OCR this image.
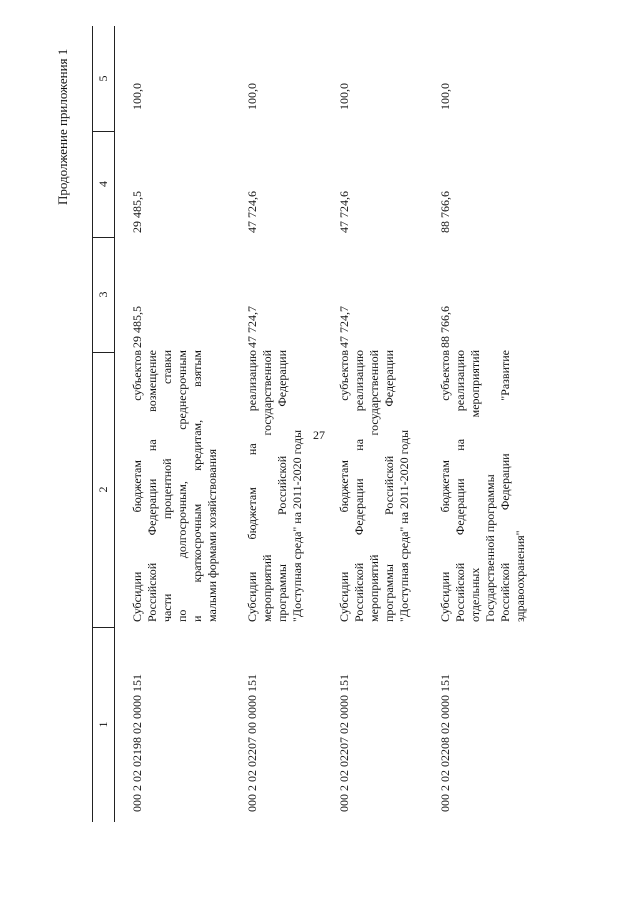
27
Продолжение приложения 1 5
4
3
2
1 000 2 02 02198 02 0000 151
Субсидии бюджетам субъектов Российской Федерации на возмещение части процентной ставки по долгосрочным, среднесрочным и краткосрочным кредитам, взятым малыми формами хозяйствования
29 485,5
29 485,5
100,0
000 2 02 02207 00 0000 151
Субсидии бюджетам на реализацию мероприятий государственной программы Российской Федерации "Доступная среда" на 2011-2020 годы
47 724,7
47 724,6
100,0
000 2 02 02207 02 0000 151
Субсидии бюджетам субъектов Российской Федерации на реализацию мероприятий государственной программы Российской Федерации "Доступная среда" на 2011-2020 годы
47 724,7
47 724,6
100,0
000 2 02 02208 02 0000 151
Субсидии бюджетам субъектов Российской Федерации на реализацию отдельных мероприятий Государственной программы Российской Федерации "Развитие здравоохранения"
88 766,6
88 766,6
100,0
